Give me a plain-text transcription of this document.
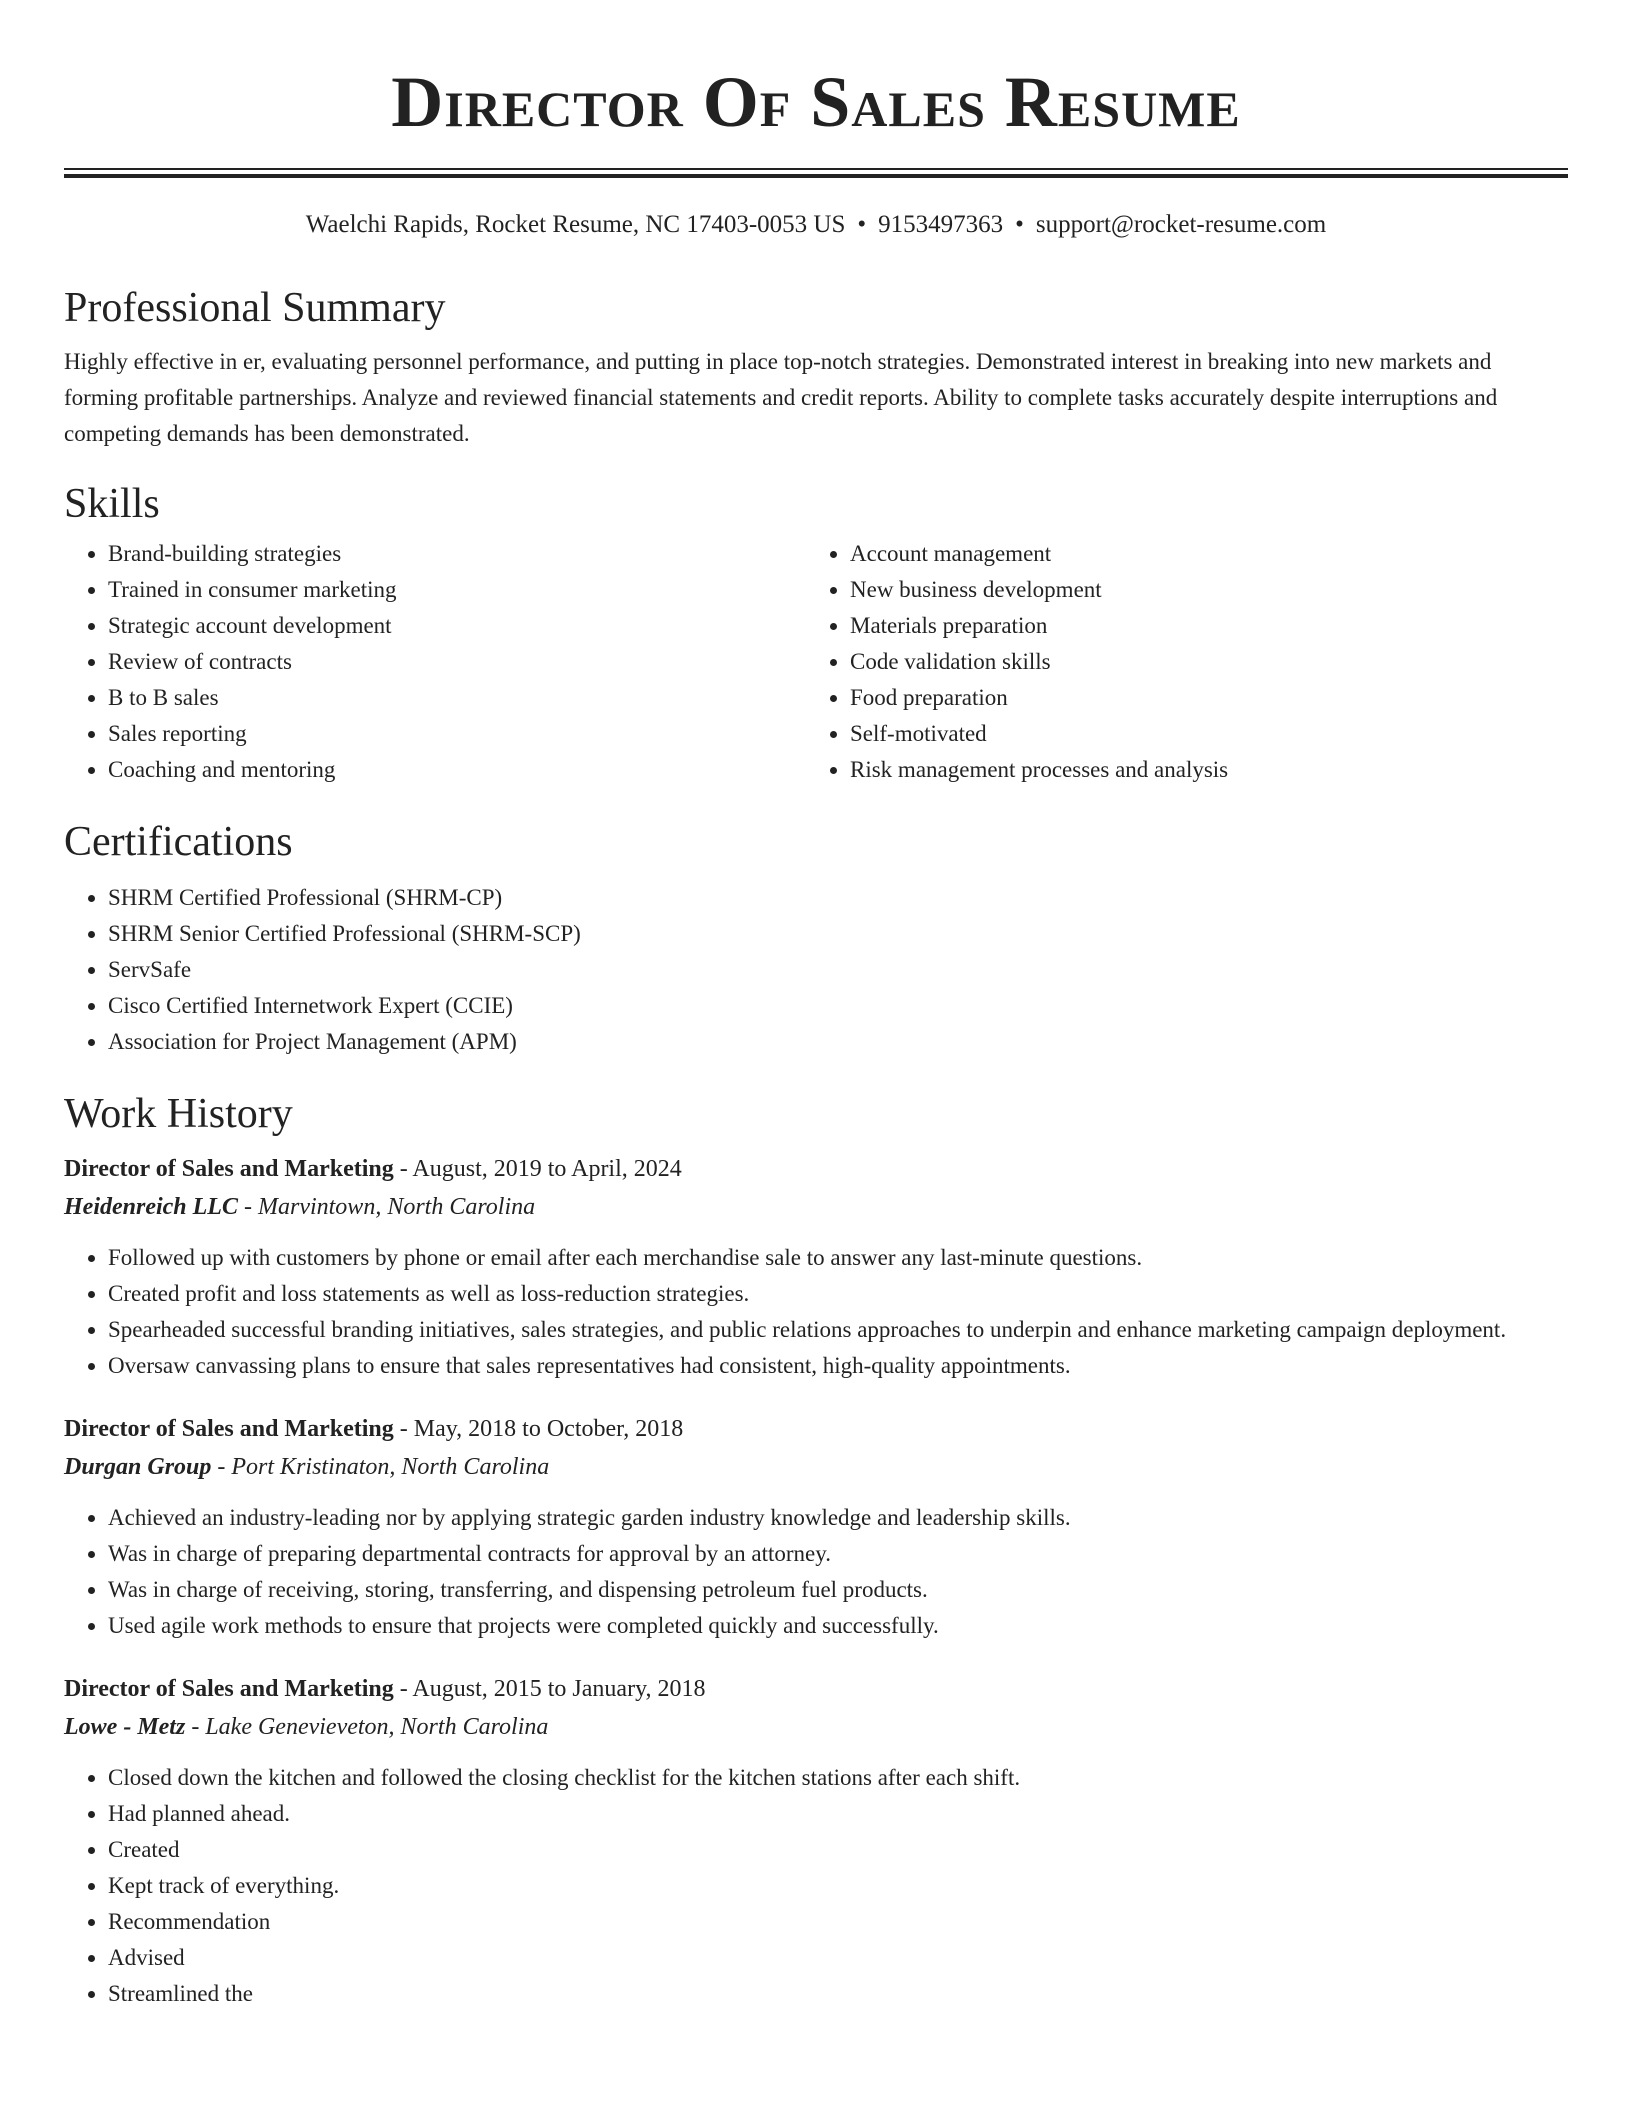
Director Of Sales Resume
Waelchi Rapids, Rocket Resume, NC 17403-0053 US • 9153497363 • support@rocket-resume.com
Professional Summary

Highly effective in er, evaluating personnel performance, and putting in place top-notch strategies. Demonstrated interest in breaking into new markets and forming profitable partnerships. Analyze and reviewed financial statements and credit reports. Ability to complete tasks accurately despite interruptions and competing demands has been demonstrated.

Skills
• Brand-building strategies
• Trained in consumer marketing
• Strategic account development
• Review of contracts
• B to B sales
• Sales reporting
• Coaching and mentoring
• Account management
• New business development
• Materials preparation
• Code validation skills
• Food preparation
• Self-motivated
• Risk management processes and analysis
Certifications
• SHRM Certified Professional (SHRM-CP)
• SHRM Senior Certified Professional (SHRM-SCP)
• ServSafe
• Cisco Certified Internetwork Expert (CCIE)
• Association for Project Management (APM)
Work History
Director of Sales and Marketing - August, 2019 to April, 2024
Heidenreich LLC - Marvintown, North Carolina
• Followed up with customers by phone or email after each merchandise sale to answer any last-minute questions.
• Created profit and loss statements as well as loss-reduction strategies.
• Spearheaded successful branding initiatives, sales strategies, and public relations approaches to underpin and enhance marketing campaign deployment.
• Oversaw canvassing plans to ensure that sales representatives had consistent, high-quality appointments.
Director of Sales and Marketing - May, 2018 to October, 2018
Durgan Group - Port Kristinaton, North Carolina
• Achieved an industry-leading nor by applying strategic garden industry knowledge and leadership skills.
• Was in charge of preparing departmental contracts for approval by an attorney.
• Was in charge of receiving, storing, transferring, and dispensing petroleum fuel products.
• Used agile work methods to ensure that projects were completed quickly and successfully.
Director of Sales and Marketing - August, 2015 to January, 2018
Lowe - Metz - Lake Genevieveton, North Carolina
• Closed down the kitchen and followed the closing checklist for the kitchen stations after each shift.
• Had planned ahead.
• Created
• Kept track of everything.
• Recommendation
• Advised
• Streamlined the
